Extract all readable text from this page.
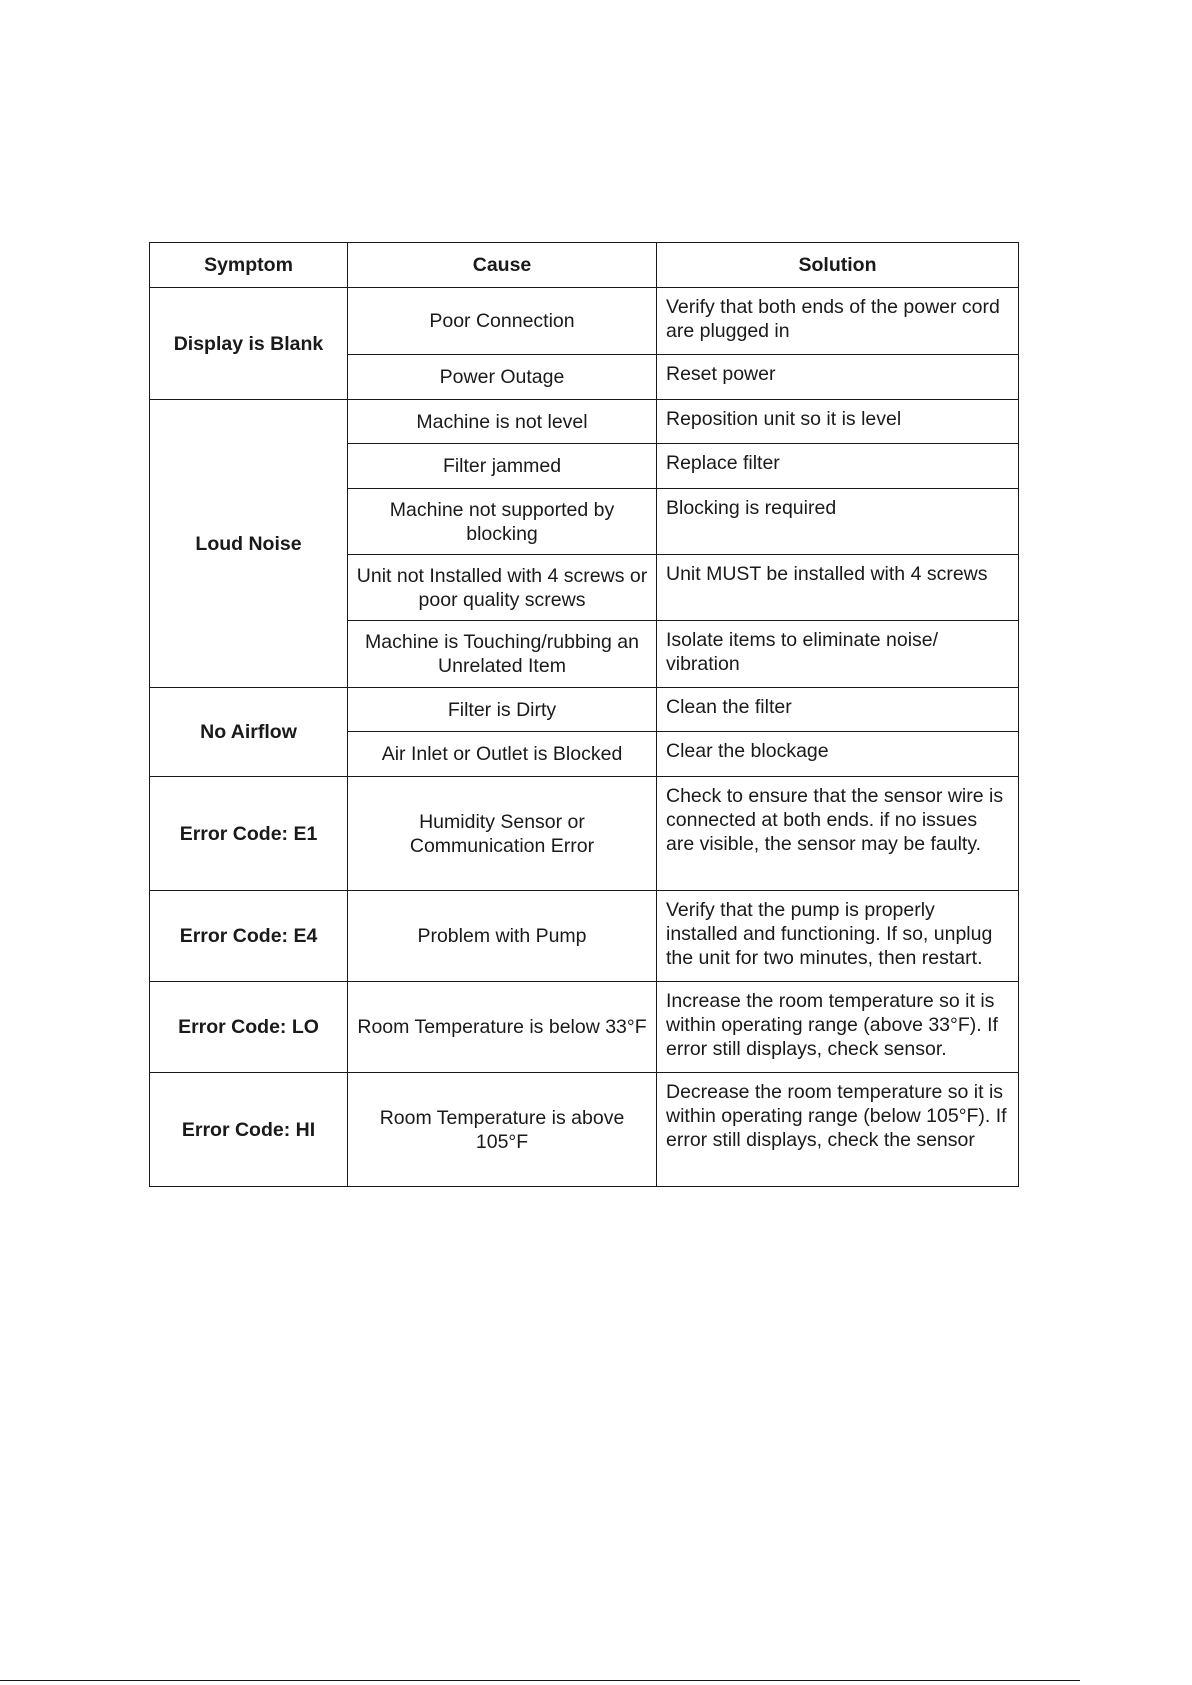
Symptom	Cause	Solution
Display is Blank	Poor Connection	Verify that both ends of the power cord are plugged in
	Power Outage	Reset power
Loud Noise	Machine is not level	Reposition unit so it is level
	Filter jammed	Replace filter
	Machine not supported by blocking	Blocking is required
	Unit not Installed with 4 screws or poor quality screws	Unit MUST be installed with 4 screws
	Machine is Touching/rubbing an Unrelated Item	Isolate items to eliminate noise/ vibration
No Airflow	Filter is Dirty	Clean the filter
	Air Inlet or Outlet is Blocked	Clear the blockage
Error Code: E1	Humidity Sensor or Communication Error	Check to ensure that the sensor wire is connected at both ends. if no issues are visible, the sensor may be faulty.
Error Code: E4	Problem with Pump	Verify that the pump is properly installed and functioning. If so, unplug the unit for two minutes, then restart.
Error Code: LO	Room Temperature is below 33°F	Increase the room temperature so it is within operating range (above 33°F). If error still displays, check sensor.
Error Code: HI	Room Temperature is above 105°F	Decrease the room temperature so it is within operating range (below 105°F). If error still displays, check the sensor
